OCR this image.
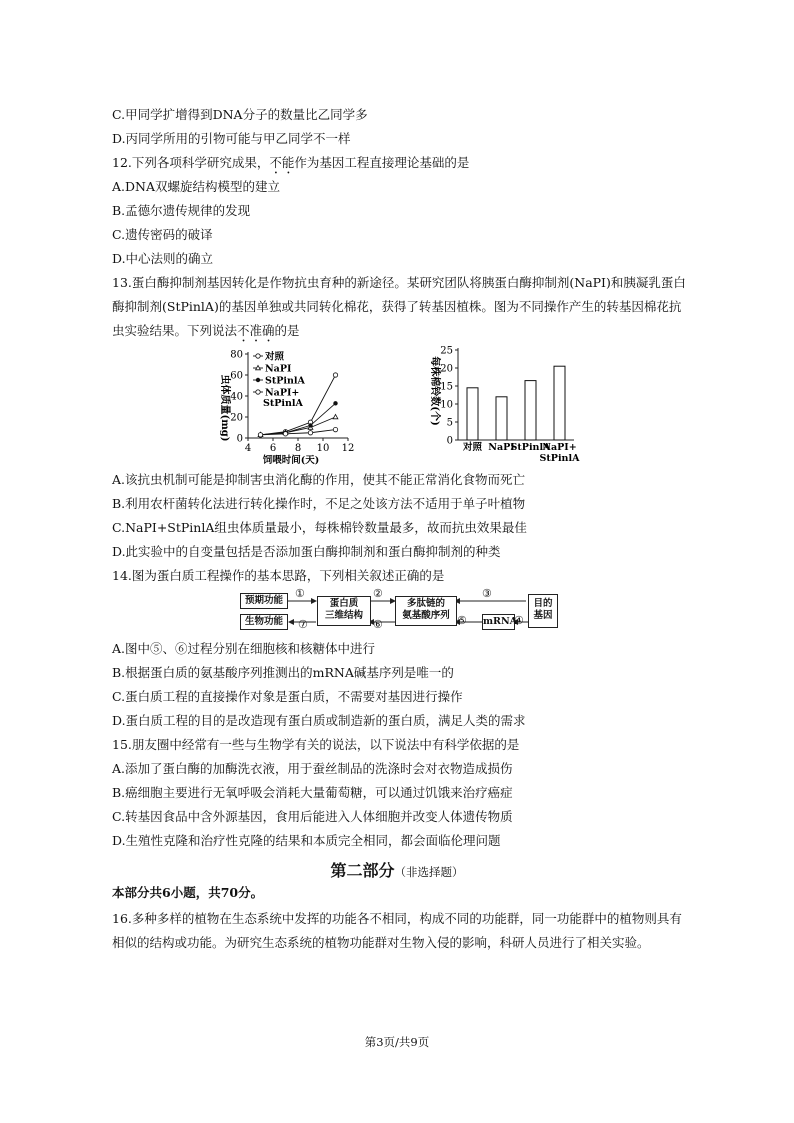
C.甲同学扩增得到DNA分子的数量比乙同学多
D.丙同学所用的引物可能与甲乙同学不一样
12.下列各项科学研究成果，不能作为基因工程直接理论基础的是
A.DNA双螺旋结构模型的建立
B.孟德尔遗传规律的发现
C.遗传密码的破译
D.中心法则的确立
13.蛋白酶抑制剂基因转化是作物抗虫育种的新途径。某研究团队将胰蛋白酶抑制剂(NaPI)和胰凝乳蛋白
酶抑制剂(StPinlA)的基因单独或共同转化棉花，获得了转基因植株。图为不同操作产生的转基因棉花抗
虫实验结果。下列说法不准确的是
0
20
40
60
80
4	8	12
6	10
虫体质量(mg)
饲喂时间(天)
对照
NaPI
StPinlA
NaPI+
StPinlA
0
5
10
15
20
25
对照 NaPI
StPinlA
NaPI+
StPinlA
每株棉铃数(个)
A.该抗虫机制可能是抑制害虫消化酶的作用，使其不能正常消化食物而死亡
B.利用农杆菌转化法进行转化操作时，不足之处该方法不适用于单子叶植物
C.NaPI+StPinlA组虫体质量最小，每株棉铃数量最多，故而抗虫效果最佳
D.此实验中的自变量包括是否添加蛋白酶抑制剂和蛋白酶抑制剂的种类
14.图为蛋白质工程操作的基本思路，下列相关叙述正确的是
预期功能
生物功能
蛋白质
三维结构
多肽链的
氨基酸序列
mRNA
目的
基因
①	②	③
④
⑤
⑥
⑦
A.图中⑤、⑥过程分别在细胞核和核糖体中进行
B.根据蛋白质的氨基酸序列推测出的mRNA碱基序列是唯一的
C.蛋白质工程的直接操作对象是蛋白质，不需要对基因进行操作
D.蛋白质工程的目的是改造现有蛋白质或制造新的蛋白质，满足人类的需求
15.朋友圈中经常有一些与生物学有关的说法，以下说法中有科学依据的是
A.添加了蛋白酶的加酶洗衣液，用于蚕丝制品的洗涤时会对衣物造成损伤
B.癌细胞主要进行无氧呼吸会消耗大量葡萄糖，可以通过饥饿来治疗癌症
C.转基因食品中含外源基因，食用后能进入人体细胞并改变人体遗传物质
D.生殖性克隆和治疗性克隆的结果和本质完全相同，都会面临伦理问题
第二部分（非选择题）
本部分共6小题，共70分。
16.多种多样的植物在生态系统中发挥的功能各不相同，构成不同的功能群，同一功能群中的植物则具有
相似的结构或功能。为研究生态系统的植物功能群对生物入侵的影响，科研人员进行了相关实验。
第3页/共9页
